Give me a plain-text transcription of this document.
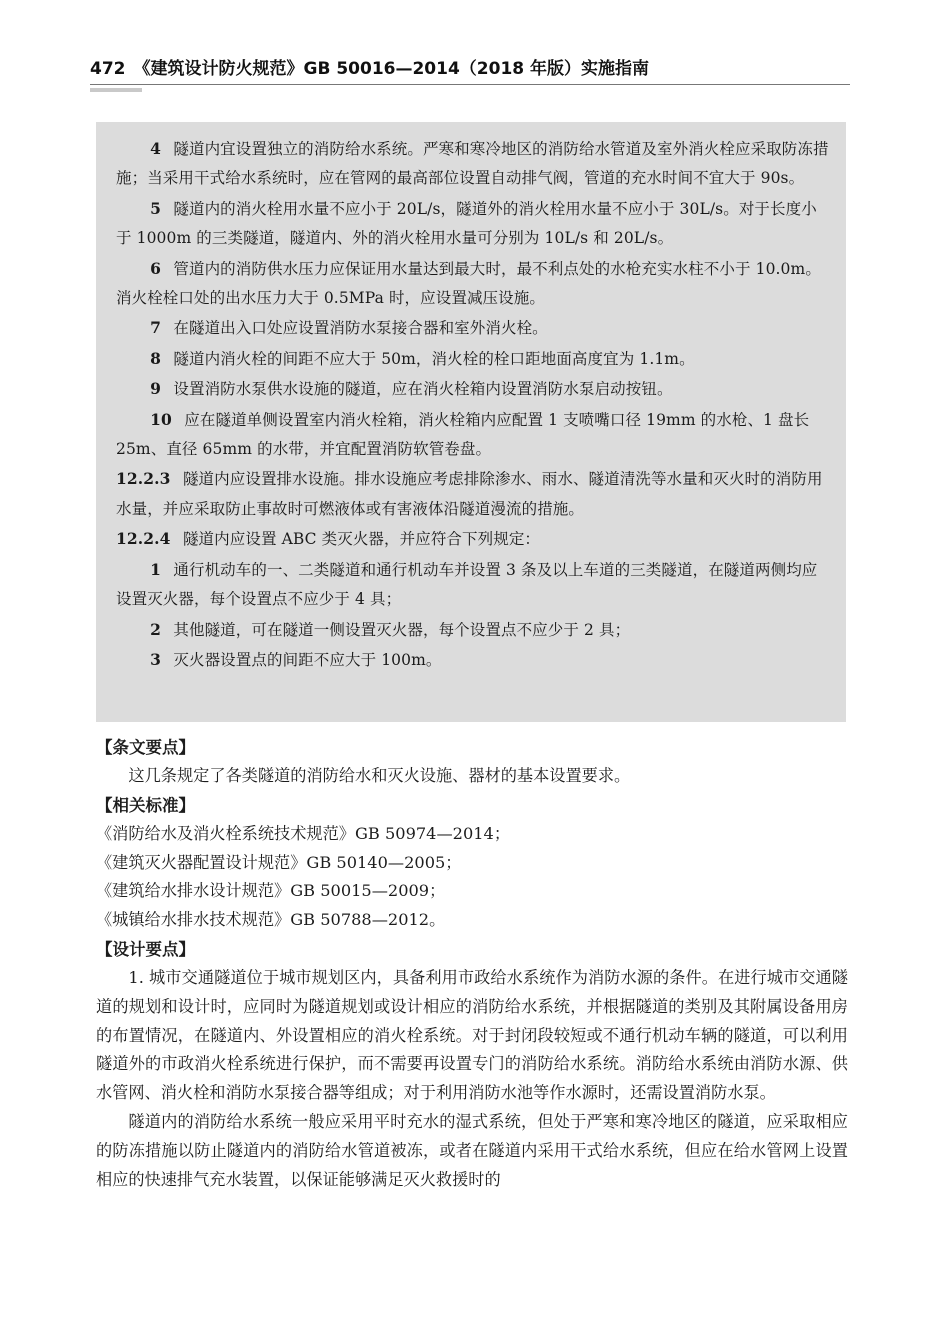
472 《建筑设计防火规范》GB 50016—2014（2018 年版）实施指南

4 隧道内宜设置独立的消防给水系统。严寒和寒冷地区的消防给水管道及室外消火栓应采取防冻措施；当采用干式给水系统时，应在管网的最高部位设置自动排气阀，管道的充水时间不宜大于 90s。

5 隧道内的消火栓用水量不应小于 20L/s，隧道外的消火栓用水量不应小于 30L/s。对于长度小于 1000m 的三类隧道，隧道内、外的消火栓用水量可分别为 10L/s 和 20L/s。

6 管道内的消防供水压力应保证用水量达到最大时，最不利点处的水枪充实水柱不小于 10.0m。消火栓栓口处的出水压力大于 0.5MPa 时，应设置减压设施。

7 在隧道出入口处应设置消防水泵接合器和室外消火栓。

8 隧道内消火栓的间距不应大于 50m，消火栓的栓口距地面高度宜为 1.1m。

9 设置消防水泵供水设施的隧道，应在消火栓箱内设置消防水泵启动按钮。

10 应在隧道单侧设置室内消火栓箱，消火栓箱内应配置 1 支喷嘴口径 19mm 的水枪、1 盘长 25m、直径 65mm 的水带，并宜配置消防软管卷盘。

12.2.3 隧道内应设置排水设施。排水设施应考虑排除渗水、雨水、隧道清洗等水量和灭火时的消防用水量，并应采取防止事故时可燃液体或有害液体沿隧道漫流的措施。

12.2.4 隧道内应设置 ABC 类灭火器，并应符合下列规定：

1 通行机动车的一、二类隧道和通行机动车并设置 3 条及以上车道的三类隧道，在隧道两侧均应设置灭火器，每个设置点不应少于 4 具；

2 其他隧道，可在隧道一侧设置灭火器，每个设置点不应少于 2 具；

3 灭火器设置点的间距不应大于 100m。

【条文要点】

这几条规定了各类隧道的消防给水和灭火设施、器材的基本设置要求。

【相关标准】

《消防给水及消火栓系统技术规范》GB 50974—2014；

《建筑灭火器配置设计规范》GB 50140—2005；

《建筑给水排水设计规范》GB 50015—2009；

《城镇给水排水技术规范》GB 50788—2012。

【设计要点】

1. 城市交通隧道位于城市规划区内，具备利用市政给水系统作为消防水源的条件。在进行城市交通隧道的规划和设计时，应同时为隧道规划或设计相应的消防给水系统，并根据隧道的类别及其附属设备用房的布置情况，在隧道内、外设置相应的消火栓系统。对于封闭段较短或不通行机动车辆的隧道，可以利用隧道外的市政消火栓系统进行保护，而不需要再设置专门的消防给水系统。消防给水系统由消防水源、供水管网、消火栓和消防水泵接合器等组成；对于利用消防水池等作水源时，还需设置消防水泵。

隧道内的消防给水系统一般应采用平时充水的湿式系统，但处于严寒和寒冷地区的隧道，应采取相应的防冻措施以防止隧道内的消防给水管道被冻，或者在隧道内采用干式给水系统，但应在给水管网上设置相应的快速排气充水装置，以保证能够满足灭火救援时的
